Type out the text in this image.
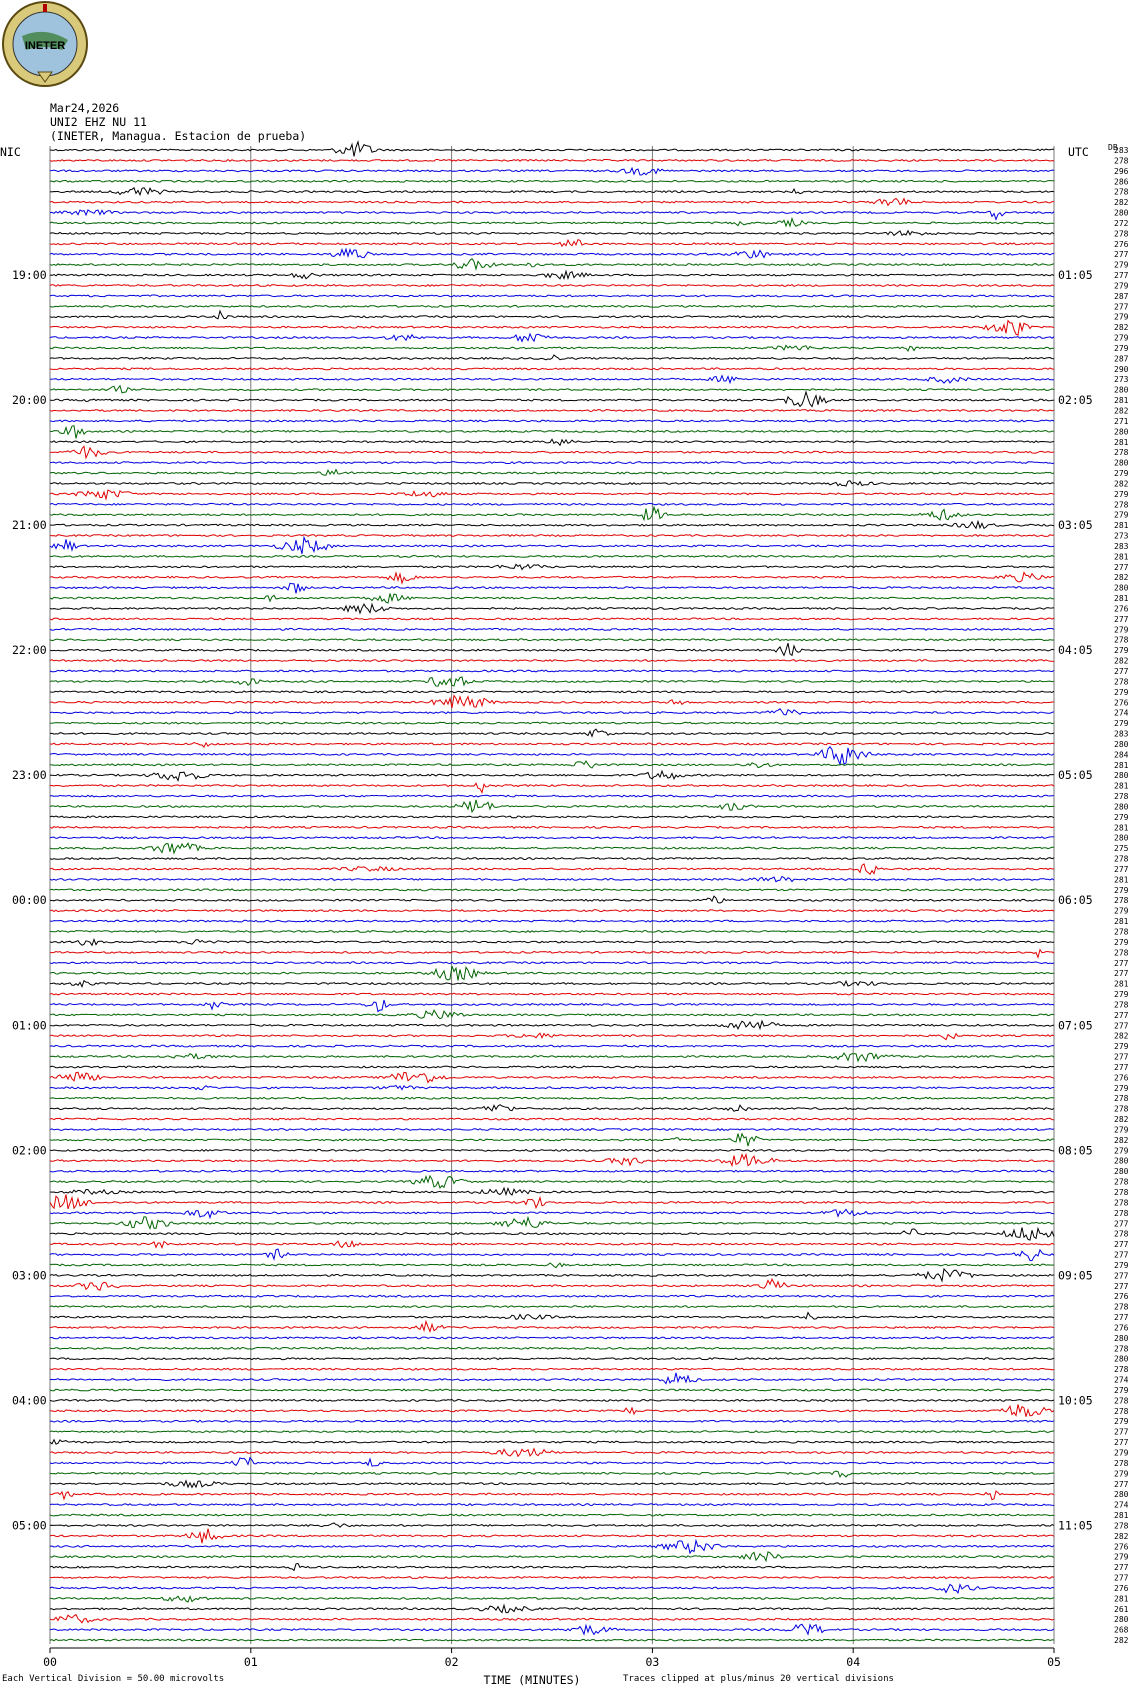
INETER
Mar24,2026
UNI2 EHZ NU 11
(INETER, Managua. Estacion de prueba)
NIC	UTC DB
283
278
296
286
278
282
280
272
278
276
277
279
277
279
287
277
279
282
279
279
287
290
273
280
281
282
271
280
281
278
280
279
282
279
278
279
281
273
283
281
277
282
280
281
276
277
279
278
279
282
277
278
279
276
274
279
283
280
284
281
280
281
278
280
279
281
280
275
278
277
281
279
278
279
281
278
279
278
277
277
281
279
278
277
277
282
279
277
277
276
279
278
278
282
279
282
279
280
280
278
278
278
278
277
278
277
277
279
277
277
276
278
277
276
280
278
280
278
274
279
278
278
279
277
277
279
278
279
277
280
274
281
278
282
276
279
277
277
276
281
261
280
268
282
19:00	01:05
20:00	02:05
21:00	03:05
22:00	04:05
23:00	05:05
00:00	06:05
01:00	07:05
02:00	08:05
03:00	09:05
04:00	10:05
05:00	11:05
00	01	02	03	04	05
TIME (MINUTES)
Each Vertical Division = 50.00 microvolts	Traces clipped at plus/minus 20 vertical divisions
